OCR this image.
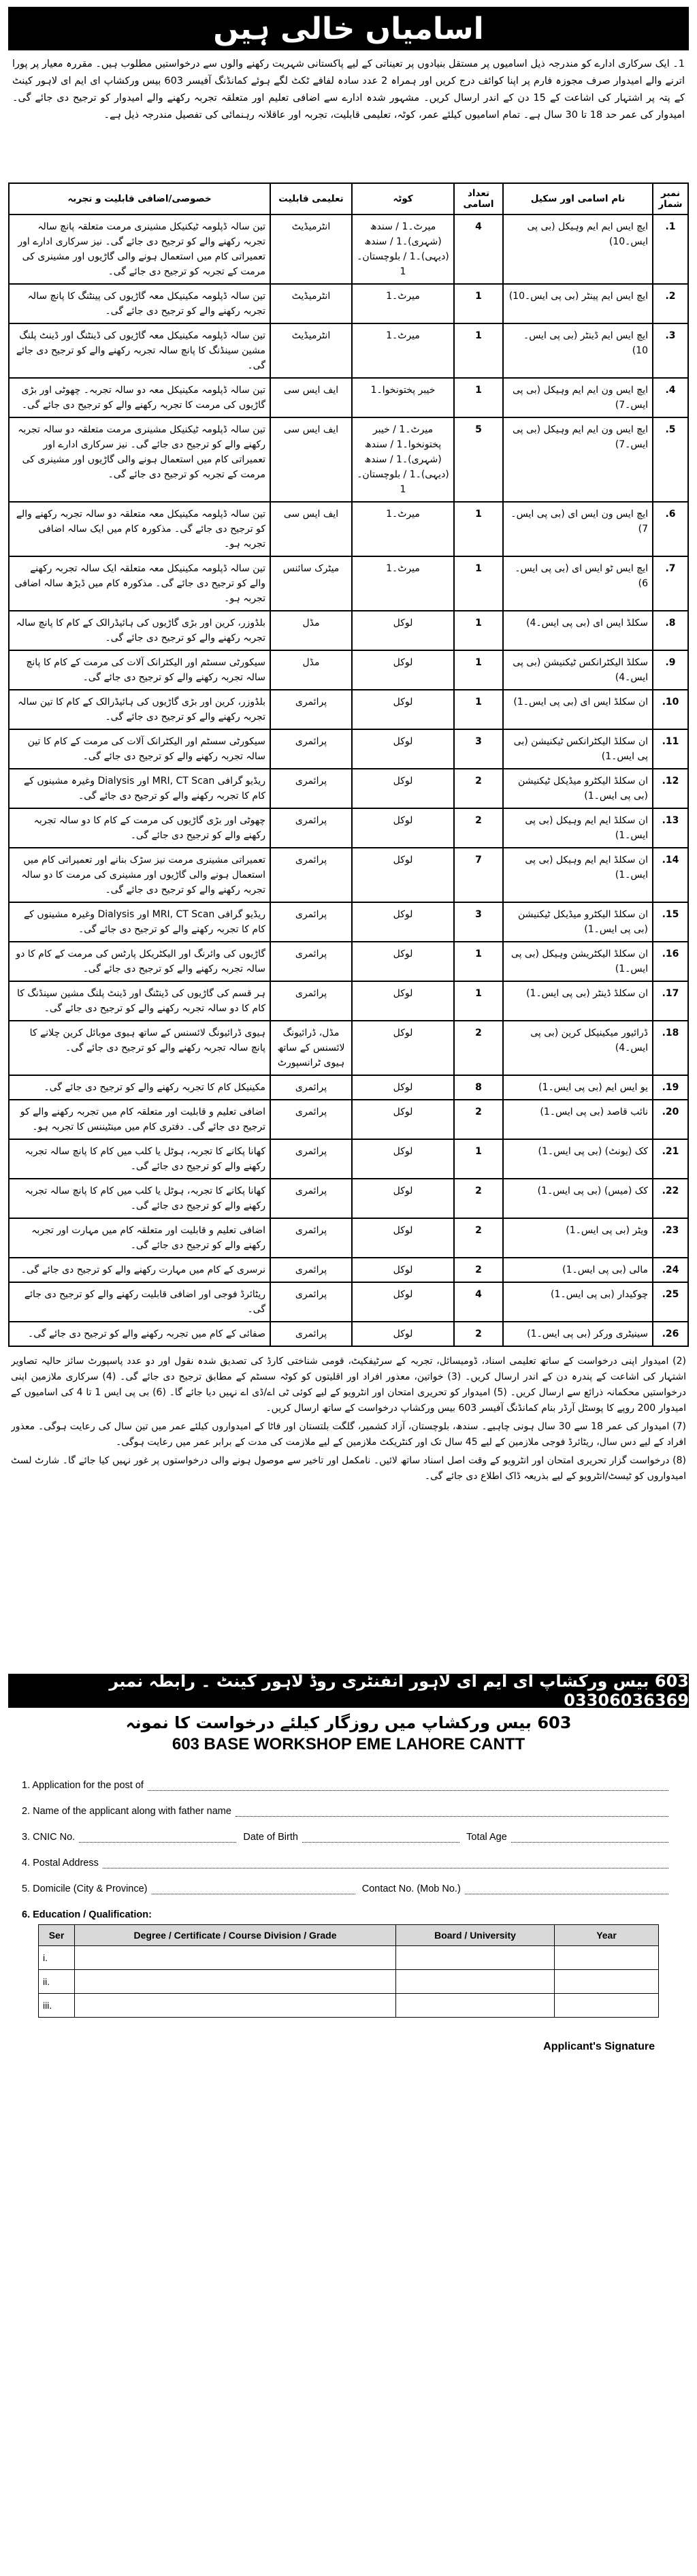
اسامیاں خالی ہیں
1۔ ایک سرکاری ادارے کو مندرجہ ذیل اسامیوں پر مستقل بنیادوں پر تعیناتی کے لیے پاکستانی شہریت رکھنے والوں سے درخواستیں مطلوب ہیں۔ مقررہ معیار پر پورا اترنے والے امیدوار صرف مجوزہ فارم پر اپنا کوائف درج کریں اور ہمراہ 2 عدد سادہ لفافے ٹکٹ لگے ہوئے کمانڈنگ آفیسر 603 بیس ورکشاپ ای ایم ای لاہور کینٹ کے پتہ پر اشتہار کی اشاعت کے 15 دن کے اندر ارسال کریں۔ مشہور شدہ ادارے سے اضافی تعلیم اور متعلقہ تجربہ رکھنے والے امیدوار کو ترجیح دی جائے گی۔ امیدوار کی عمر حد 18 تا 30 سال ہے۔ تمام اسامیوں کیلئے عمر، کوٹہ، تعلیمی قابلیت، تجربہ اور عاقلانہ رہنمائی کی تفصیل مندرجہ ذیل ہے۔
نمبر شمار	نام اسامی اور سکیل	تعداد اسامی	کوٹہ	تعلیمی قابلیت	خصوصی/اضافی قابلیت و تجربہ
1.	ایچ ایس ایم ایم وہیکل (بی پی ایس۔10)	4	میرٹ۔1 / سندھ (شہری)۔1 / سندھ (دیہی)۔1 / بلوچستان۔1	انٹرمیڈیٹ	تین سالہ ڈپلومہ ٹیکنیکل مشینری مرمت متعلقہ پانچ سالہ تجربہ رکھنے والے کو ترجیح دی جائے گی۔ نیز سرکاری ادارے اور تعمیراتی کام میں استعمال ہونے والی گاڑیوں اور مشینری کی مرمت کے تجربہ کو ترجیح دی جائے گی۔
2.	ایچ ایس ایم پینٹر (بی پی ایس۔10)	1	میرٹ۔1	انٹرمیڈیٹ	تین سالہ ڈپلومہ مکینیکل معہ گاڑیوں کی پینٹنگ کا پانچ سالہ تجربہ رکھنے والے کو ترجیح دی جائے گی۔
3.	ایچ ایس ایم ڈینٹر (بی پی ایس۔10)	1	میرٹ۔1	انٹرمیڈیٹ	تین سالہ ڈپلومہ مکینیکل معہ گاڑیوں کی ڈینٹنگ اور ڈینٹ پلنگ مشین سینڈنگ کا پانچ سالہ تجربہ رکھنے والے کو ترجیح دی جائے گی۔
4.	ایچ ایس ون ایم ایم وہیکل (بی پی ایس۔7)	1	خیبر پختونخوا۔1	ایف ایس سی	تین سالہ ڈپلومہ مکینیکل معہ دو سالہ تجربہ۔ چھوٹی اور بڑی گاڑیوں کی مرمت کا تجربہ رکھنے والے کو ترجیح دی جائے گی۔
5.	ایچ ایس ون ایم ایم وہیکل (بی پی ایس۔7)	5	میرٹ۔1 / خیبر پختونخوا۔1 / سندھ (شہری)۔1 / سندھ (دیہی)۔1 / بلوچستان۔1	ایف ایس سی	تین سالہ ڈپلومہ ٹیکنیکل مشینری مرمت متعلقہ دو سالہ تجربہ رکھنے والے کو ترجیح دی جائے گی۔ نیز سرکاری ادارے اور تعمیراتی کام میں استعمال ہونے والی گاڑیوں اور مشینری کی مرمت کے تجربہ کو ترجیح دی جائے گی۔
6.	ایچ ایس ون ایس ای (بی پی ایس۔7)	1	میرٹ۔1	ایف ایس سی	تین سالہ ڈپلومہ مکینیکل معہ متعلقہ دو سالہ تجربہ رکھنے والے کو ترجیح دی جائے گی۔ مذکورہ کام میں ایک سالہ اضافی تجربہ ہو۔
7.	ایچ ایس ٹو ایس ای (بی پی ایس۔6)	1	میرٹ۔1	میٹرک سائنس	تین سالہ ڈپلومہ مکینیکل معہ متعلقہ ایک سالہ تجربہ رکھنے والے کو ترجیح دی جائے گی۔ مذکورہ کام میں ڈیڑھ سالہ اضافی تجربہ ہو۔
8.	سکلڈ ایس ای (بی پی ایس۔4)	1	لوکل	مڈل	بلڈوزر، کرین اور بڑی گاڑیوں کی ہائیڈرالک کے کام کا پانچ سالہ تجربہ رکھنے والے کو ترجیح دی جائے گی۔
9.	سکلڈ الیکٹرانکس ٹیکنیشن (بی پی ایس۔4)	1	لوکل	مڈل	سیکورٹی سسٹم اور الیکٹرانک آلات کی مرمت کے کام کا پانچ سالہ تجربہ رکھنے والے کو ترجیح دی جائے گی۔
10.	ان سکلڈ ایس ای (بی پی ایس۔1)	1	لوکل	پرائمری	بلڈوزر، کرین اور بڑی گاڑیوں کی ہائیڈرالک کے کام کا تین سالہ تجربہ رکھنے والے کو ترجیح دی جائے گی۔
11.	ان سکلڈ الیکٹرانکس ٹیکنیشن (بی پی ایس۔1)	3	لوکل	پرائمری	سیکورٹی سسٹم اور الیکٹرانک آلات کی مرمت کے کام کا تین سالہ تجربہ رکھنے والے کو ترجیح دی جائے گی۔
12.	ان سکلڈ الیکٹرو میڈیکل ٹیکنیشن (بی پی ایس۔1)	2	لوکل	پرائمری	ریڈیو گرافی MRI, CT Scan اور Dialysis وغیرہ مشینوں کے کام کا تجربہ رکھنے والے کو ترجیح دی جائے گی۔
13.	ان سکلڈ ایم ایم وہیکل (بی پی ایس۔1)	2	لوکل	پرائمری	چھوٹی اور بڑی گاڑیوں کی مرمت کے کام کا دو سالہ تجربہ رکھنے والے کو ترجیح دی جائے گی۔
14.	ان سکلڈ ایم ایم وہیکل (بی پی ایس۔1)	7	لوکل	پرائمری	تعمیراتی مشینری مرمت نیز سڑک بنانے اور تعمیراتی کام میں استعمال ہونے والی گاڑیوں اور مشینری کی مرمت کا دو سالہ تجربہ رکھنے والے کو ترجیح دی جائے گی۔
15.	ان سکلڈ الیکٹرو میڈیکل ٹیکنیشن (بی پی ایس۔1)	3	لوکل	پرائمری	ریڈیو گرافی MRI, CT Scan اور Dialysis وغیرہ مشینوں کے کام کا تجربہ رکھنے والے کو ترجیح دی جائے گی۔
16.	ان سکلڈ الیکٹریشن وہیکل (بی پی ایس۔1)	1	لوکل	پرائمری	گاڑیوں کی وائرنگ اور الیکٹریکل پارٹس کی مرمت کے کام کا دو سالہ تجربہ رکھنے والے کو ترجیح دی جائے گی۔
17.	ان سکلڈ ڈینٹر (بی پی ایس۔1)	1	لوکل	پرائمری	ہر قسم کی گاڑیوں کی ڈینٹنگ اور ڈینٹ پلنگ مشین سینڈنگ کا کام کا دو سالہ تجربہ رکھنے والے کو ترجیح دی جائے گی۔
18.	ڈرائیور میکینیکل کرین (بی پی ایس۔4)	2	لوکل	مڈل، ڈرائیونگ لائسنس کے ساتھ ہیوی ٹرانسپورٹ	ہیوی ڈرائیونگ لائسنس کے ساتھ ہیوی موبائل کرین چلانے کا پانچ سالہ تجربہ رکھنے والے کو ترجیح دی جائے گی۔
19.	یو ایس ایم (بی پی ایس۔1)	8	لوکل	پرائمری	مکینیکل کام کا تجربہ رکھنے والے کو ترجیح دی جائے گی۔
20.	نائب قاصد (بی پی ایس۔1)	2	لوکل	پرائمری	اضافی تعلیم و قابلیت اور متعلقہ کام میں تجربہ رکھنے والے کو ترجیح دی جائے گی۔ دفتری کام میں مینٹیننس کا تجربہ ہو۔
21.	کک (یونٹ) (بی پی ایس۔1)	1	لوکل	پرائمری	کھانا پکانے کا تجربہ، ہوٹل یا کلب میں کام کا پانچ سالہ تجربہ رکھنے والے کو ترجیح دی جائے گی۔
22.	کک (میس) (بی پی ایس۔1)	2	لوکل	پرائمری	کھانا پکانے کا تجربہ، ہوٹل یا کلب میں کام کا پانچ سالہ تجربہ رکھنے والے کو ترجیح دی جائے گی۔
23.	ویٹر (بی پی ایس۔1)	2	لوکل	پرائمری	اضافی تعلیم و قابلیت اور متعلقہ کام میں مہارت اور تجربہ رکھنے والے کو ترجیح دی جائے گی۔
24.	مالی (بی پی ایس۔1)	2	لوکل	پرائمری	نرسری کے کام میں مہارت رکھنے والے کو ترجیح دی جائے گی۔
25.	چوکیدار (بی پی ایس۔1)	4	لوکل	پرائمری	ریٹائرڈ فوجی اور اضافی قابلیت رکھنے والے کو ترجیح دی جائے گی۔
26.	سینیٹری ورکر (بی پی ایس۔1)	2	لوکل	پرائمری	صفائی کے کام میں تجربہ رکھنے والے کو ترجیح دی جائے گی۔

(2) امیدوار اپنی درخواست کے ساتھ تعلیمی اسناد، ڈومیسائل، تجربہ کے سرٹیفکیٹ، قومی شناختی کارڈ کی تصدیق شدہ نقول اور دو عدد پاسپورٹ سائز حالیہ تصاویر اشتہار کی اشاعت کے پندرہ دن کے اندر ارسال کریں۔ (3) خواتین، معذور افراد اور اقلیتوں کو کوٹہ سسٹم کے مطابق ترجیح دی جائے گی۔ (4) سرکاری ملازمین اپنی درخواستیں محکمانہ ذرائع سے ارسال کریں۔ (5) امیدوار کو تحریری امتحان اور انٹرویو کے لیے کوئی ٹی اے/ڈی اے نہیں دیا جائے گا۔ (6) بی پی ایس 1 تا 4 کی اسامیوں کے امیدوار 200 روپے کا پوسٹل آرڈر بنام کمانڈنگ آفیسر 603 بیس ورکشاپ درخواست کے ساتھ ارسال کریں۔

(7) امیدوار کی عمر 18 سے 30 سال ہونی چاہیے۔ سندھ، بلوچستان، آزاد کشمیر، گلگت بلتستان اور فاٹا کے امیدواروں کیلئے عمر میں تین سال کی رعایت ہوگی۔ معذور افراد کے لیے دس سال، ریٹائرڈ فوجی ملازمین کے لیے 45 سال تک اور کنٹریکٹ ملازمین کے لیے ملازمت کی مدت کے برابر عمر میں رعایت ہوگی۔

(8) درخواست گزار تحریری امتحان اور انٹرویو کے وقت اصل اسناد ساتھ لائیں۔ نامکمل اور تاخیر سے موصول ہونے والی درخواستوں پر غور نہیں کیا جائے گا۔ شارٹ لسٹ امیدواروں کو ٹیسٹ/انٹرویو کے لیے بذریعہ ڈاک اطلاع دی جائے گی۔

603 بیس ورکشاپ ای ایم ای لاہور انفنٹری روڈ لاہور کینٹ ۔ رابطہ نمبر 03306036369
603 بیس ورکشاپ میں روزگار کیلئے درخواست کا نمونہ
603 BASE WORKSHOP EME LAHORE CANTT
1. Application for the post of
2. Name of the applicant along with father name
3. CNIC No.	Date of Birth	Total Age
4. Postal Address
5. Domicile (City & Province)	Contact No. (Mob No.)
6. Education / Qualification:
Ser	Degree / Certificate / Course Division / Grade	Board / University	Year
i.			
ii.			
iii.			
Applicant's Signature
